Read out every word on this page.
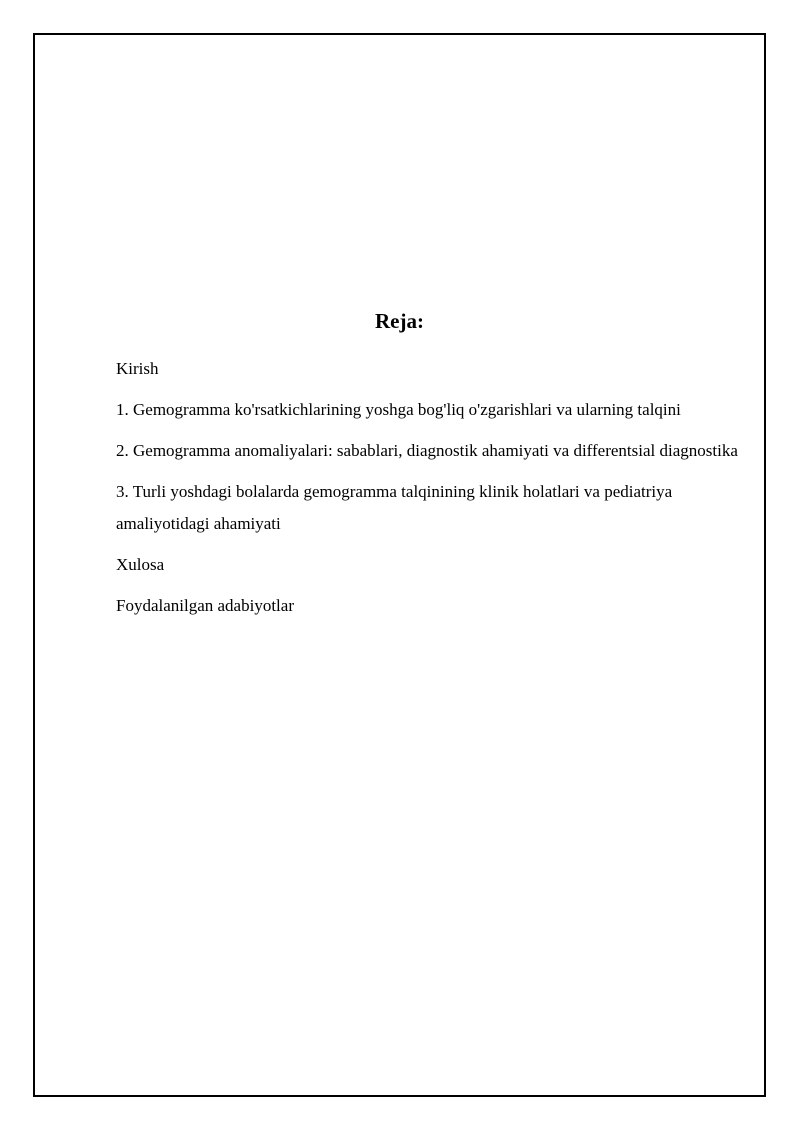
Reja:
Kirish
1. Gemogramma ko'rsatkichlarining yoshga bog'liq o'zgarishlari va ularning talqini
2. Gemogramma anomaliyalari: sabablari, diagnostik ahamiyati va differentsial diagnostika
3. Turli yoshdagi bolalarda gemogramma talqinining klinik holatlari va pediatriya amaliyotidagi ahamiyati
Xulosa
Foydalanilgan adabiyotlar
